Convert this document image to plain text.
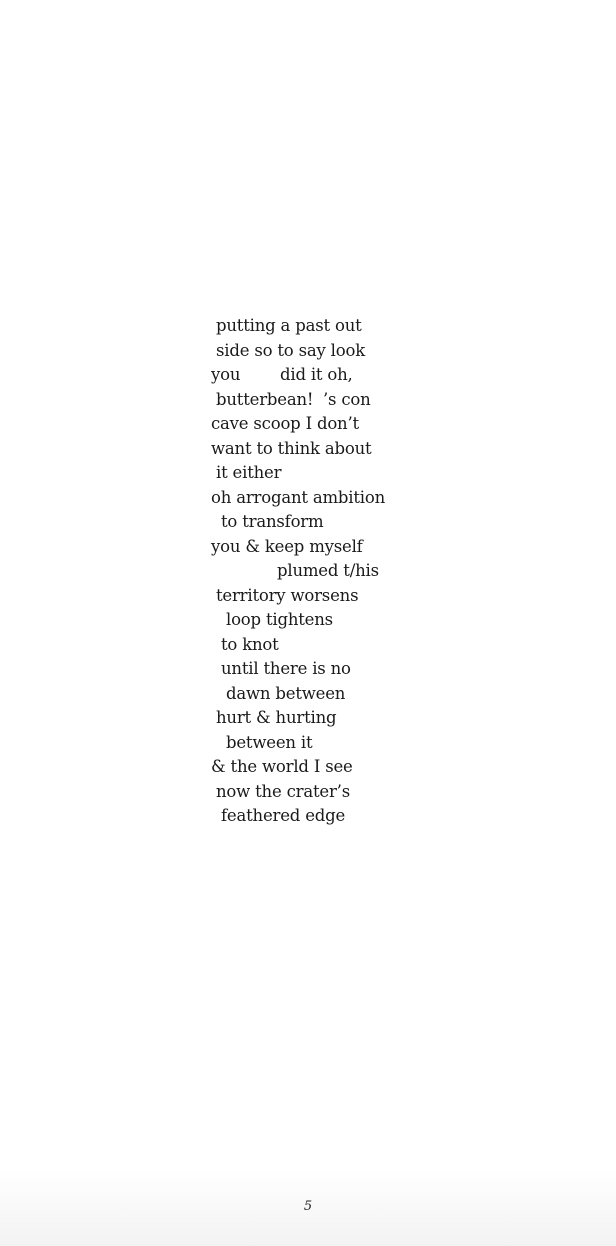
putting a past out
side so to say look
you did it oh,
butterbean! ’s con
cave scoop I don’t
want to think about
it either
oh arrogant ambition
to transform
you & keep myself
plumed t/his
territory worsens
loop tightens
to knot
until there is no
dawn between
hurt & hurting
between it
& the world I see
now the crater’s
feathered edge
5
